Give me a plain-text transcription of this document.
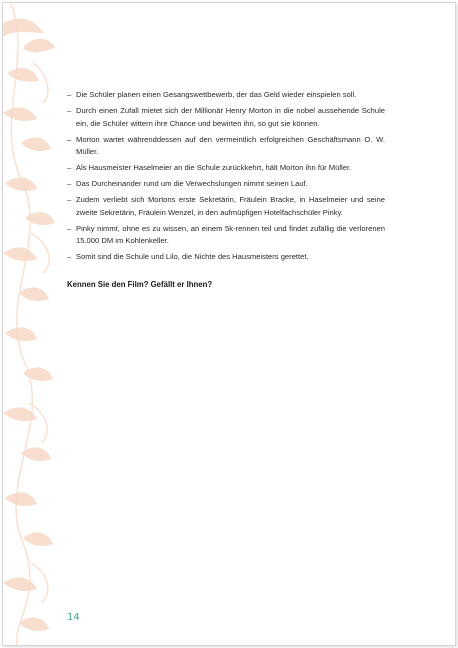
– Die Schüler planen einen Gesangswettbewerb, der das Geld wieder einspielen soll.
– Durch einen Zufall mietet sich der Millionär Henry Morton in die nobel aussehende Schule ein, die Schüler wittern ihre Chance und bewirten ihn, so gut sie können.
– Morton wartet währenddessen auf den vermeintlich erfolgreichen Geschäftsmann O. W. Müller.
– Als Hausmeister Haselmeier an die Schule zurückkehrt, hält Morton ihn für Müller.
– Das Durcheinander rund um die Verwechslungen nimmt seinen Lauf.
– Zudem verliebt sich Mortons erste Sekretärin, Fräulein Bracke, in Haselmeier und seine zweite Sekretärin, Fräulein Wenzel, in den aufmüpfigen Hotelfachschüler Pinky.
– Pinky nimmt, ohne es zu wissen, an einem 5k-rennen teil und findet zufällig die verlorenen 15.000 DM im Kohlenkeller.
– Somit sind die Schule und Lilo, die Nichte des Hausmeisters gerettet.
Kennen Sie den Film? Gefällt er Ihnen?
14
